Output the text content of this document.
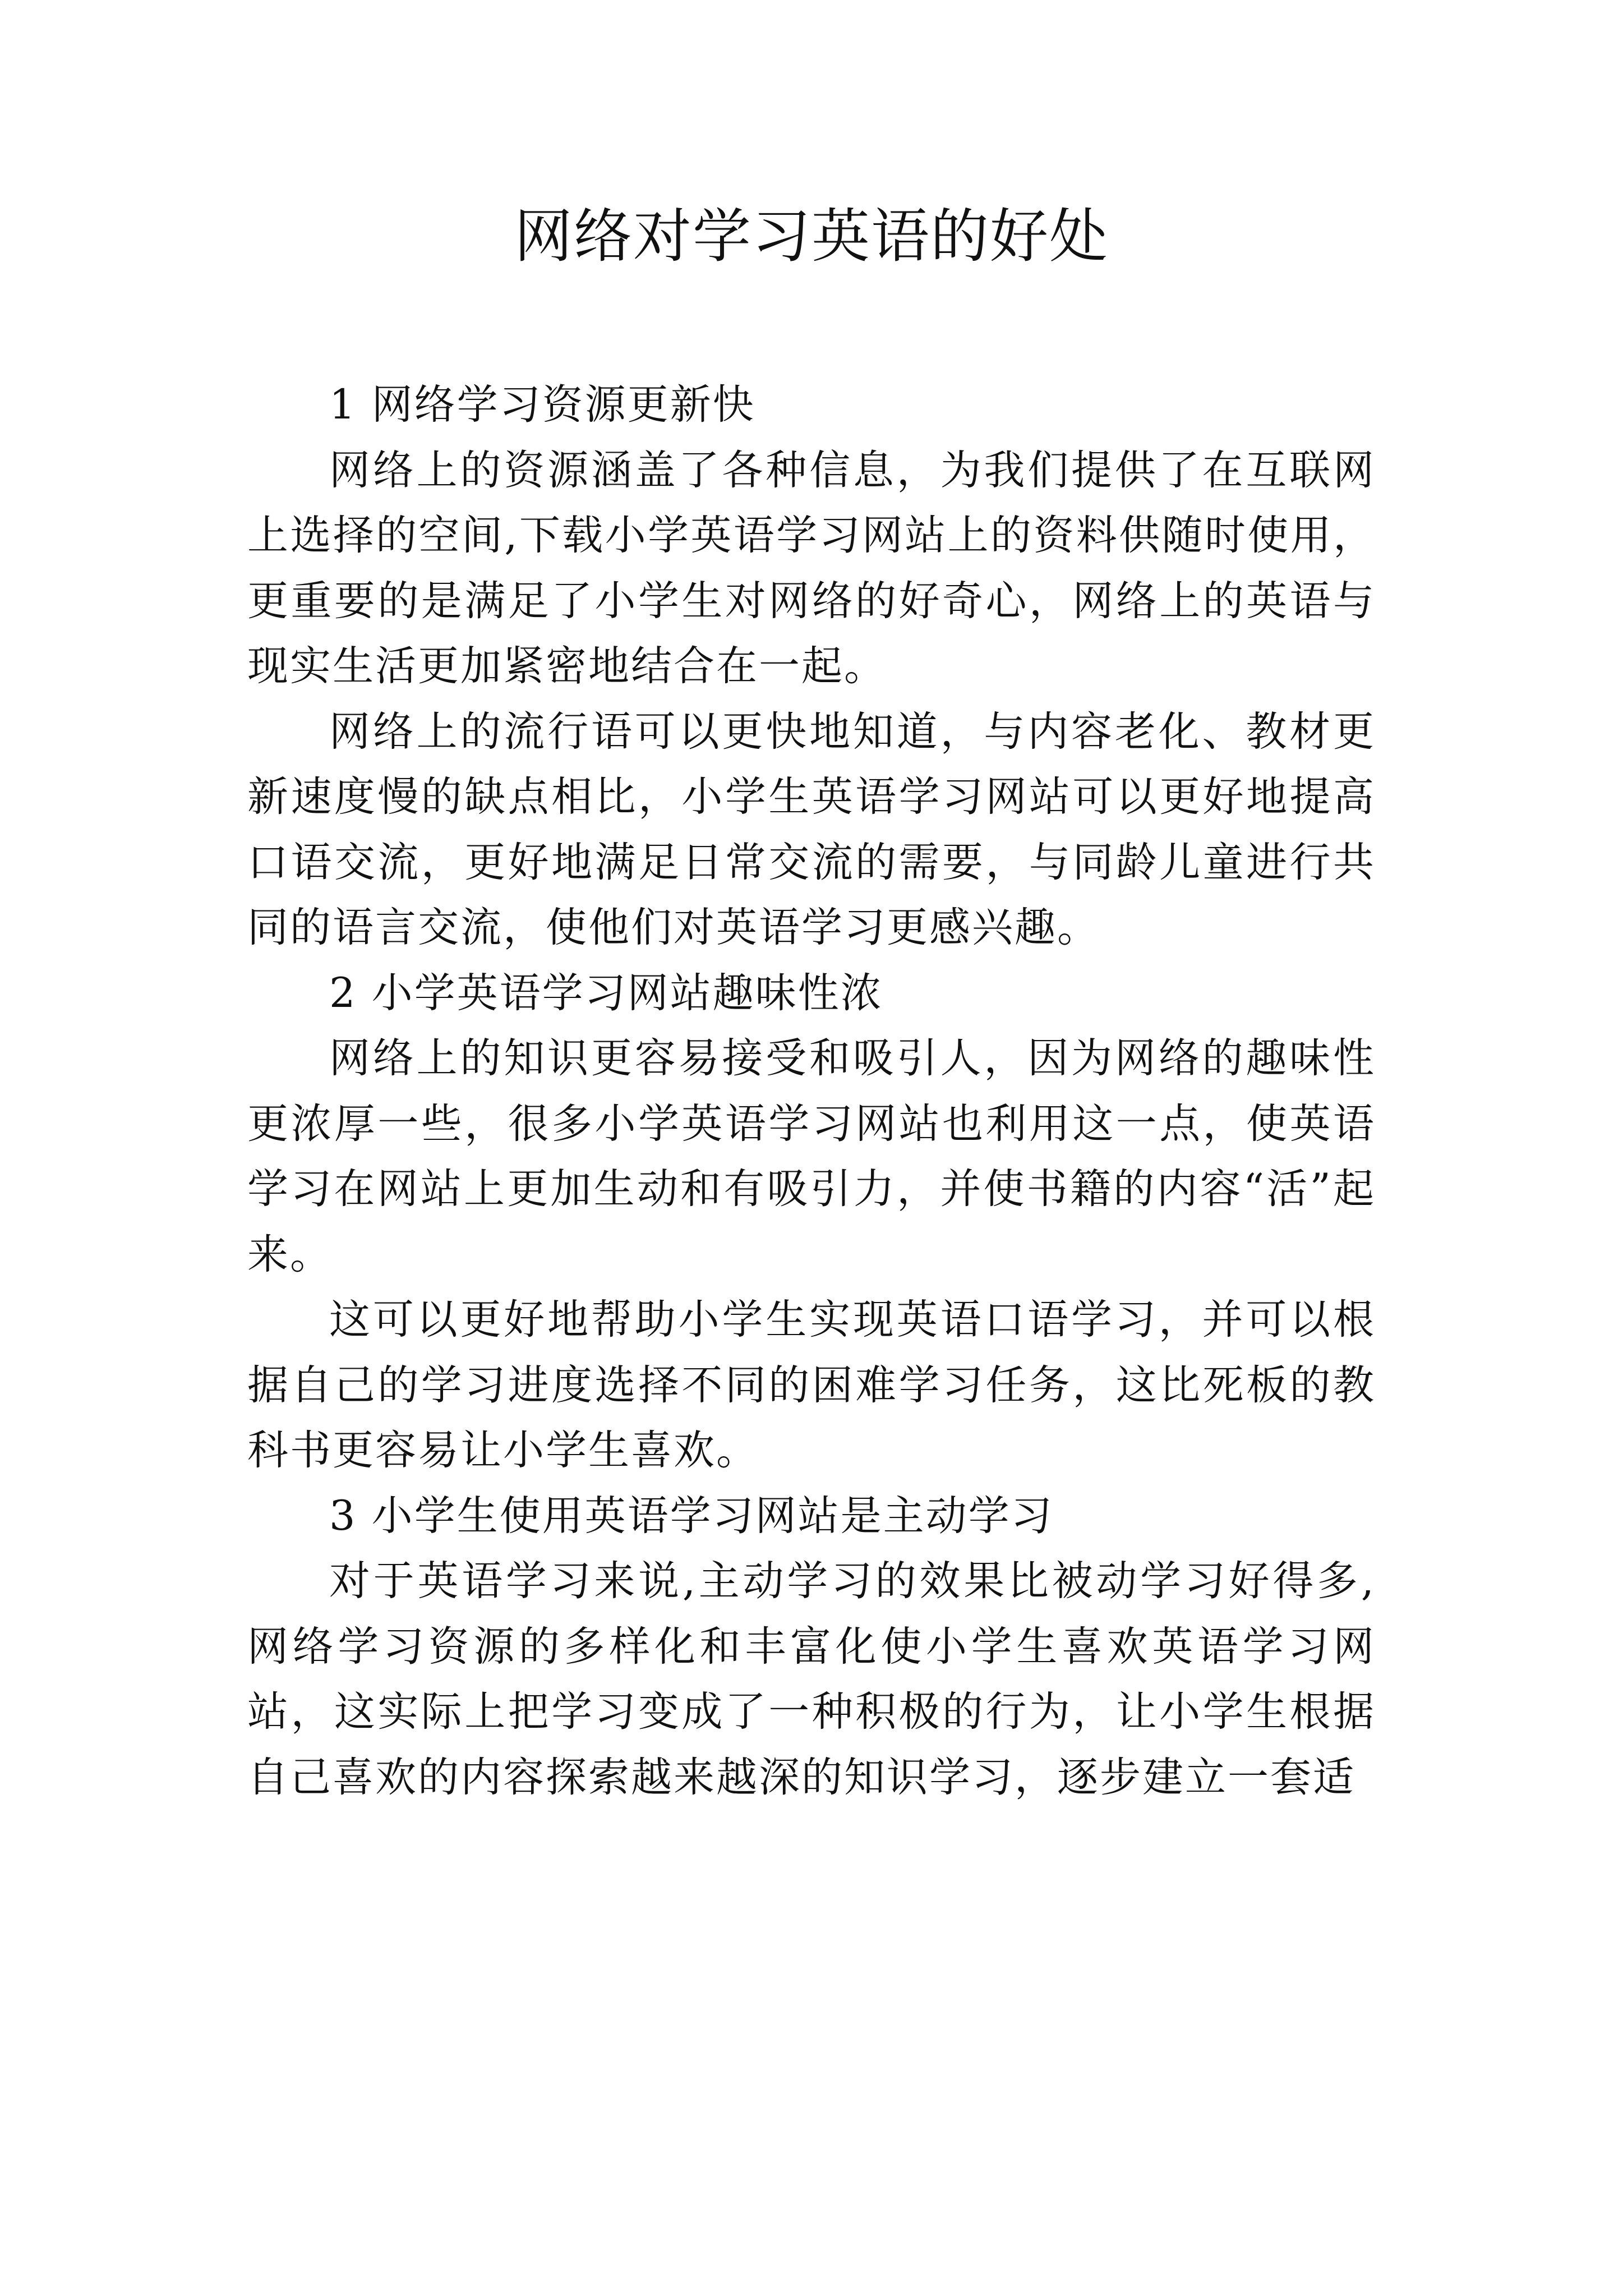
网络对学习英语的好处

1 网络学习资源更新快

网络上的资源涵盖了各种信息，为我们提供了在互联网上选择的空间,下载小学英语学习网站上的资料供随时使用，更重要的是满足了小学生对网络的好奇心，网络上的英语与现实生活更加紧密地结合在一起。

网络上的流行语可以更快地知道，与内容老化、教材更新速度慢的缺点相比，小学生英语学习网站可以更好地提高口语交流，更好地满足日常交流的需要，与同龄儿童进行共同的语言交流，使他们对英语学习更感兴趣。

2 小学英语学习网站趣味性浓

网络上的知识更容易接受和吸引人，因为网络的趣味性更浓厚一些，很多小学英语学习网站也利用这一点，使英语学习在网站上更加生动和有吸引力，并使书籍的内容“活”起来。

这可以更好地帮助小学生实现英语口语学习，并可以根据自己的学习进度选择不同的困难学习任务，这比死板的教科书更容易让小学生喜欢。

3 小学生使用英语学习网站是主动学习

对于英语学习来说,主动学习的效果比被动学习好得多,网络学习资源的多样化和丰富化使小学生喜欢英语学习网站，这实际上把学习变成了一种积极的行为，让小学生根据自己喜欢的内容探索越来越深的知识学习，逐步建立一套适
